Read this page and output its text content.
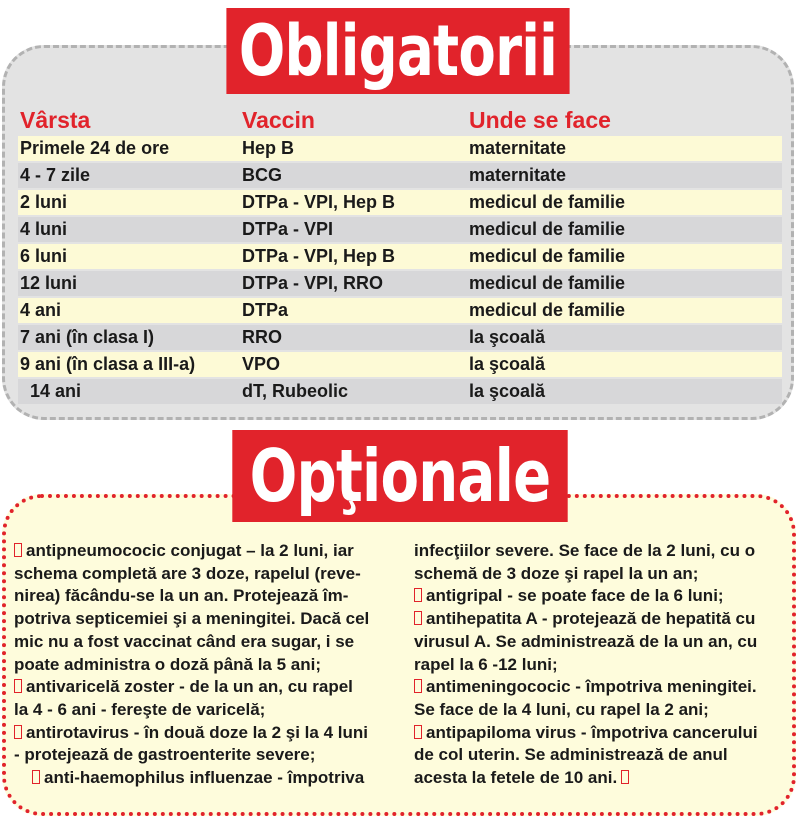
Obligatorii
Vârsta	Vaccin	Unde se face
Primele 24 de ore	Hep B	maternitate
4 - 7 zile	BCG	maternitate
2 luni	DTPa - VPI, Hep B	medicul de familie
4 luni	DTPa - VPI	medicul de familie
6 luni	DTPa - VPI, Hep B	medicul de familie
12 luni	DTPa - VPI, RRO	medicul de familie
4 ani	DTPa	medicul de familie
7 ani (în clasa I)	RRO	la şcoală
9 ani (în clasa a III-a)	VPO	la şcoală
14 ani	dT, Rubeolic	la şcoală
Opţionale
antipneumococic conjugat – la 2 luni, iar
schema completă are 3 doze, rapelul (reve-
nirea) făcându-se la un an. Protejează îm-
potriva septicemiei şi a meningitei. Dacă cel
mic nu a fost vaccinat când era sugar, i se
poate administra o doză până la 5 ani;
antivaricelă zoster - de la un an, cu rapel
la 4 - 6 ani - fereşte de varicelă;
antirotavirus - în două doze la 2 şi la 4 luni
- protejează de gastroenterite severe;
anti-haemophilus influenzae - împotriva
infecţiilor severe. Se face de la 2 luni, cu o
schemă de 3 doze şi rapel la un an;
antigripal - se poate face de la 6 luni;
antihepatita A - protejează de hepatită cu
virusul A. Se administrează de la un an, cu
rapel la 6 -12 luni;
antimeningococic - împotriva meningitei.
Se face de la 4 luni, cu rapel la 2 ani;
antipapiloma virus - împotriva cancerului
de col uterin. Se administrează de anul
acesta la fetele de 10 ani.
